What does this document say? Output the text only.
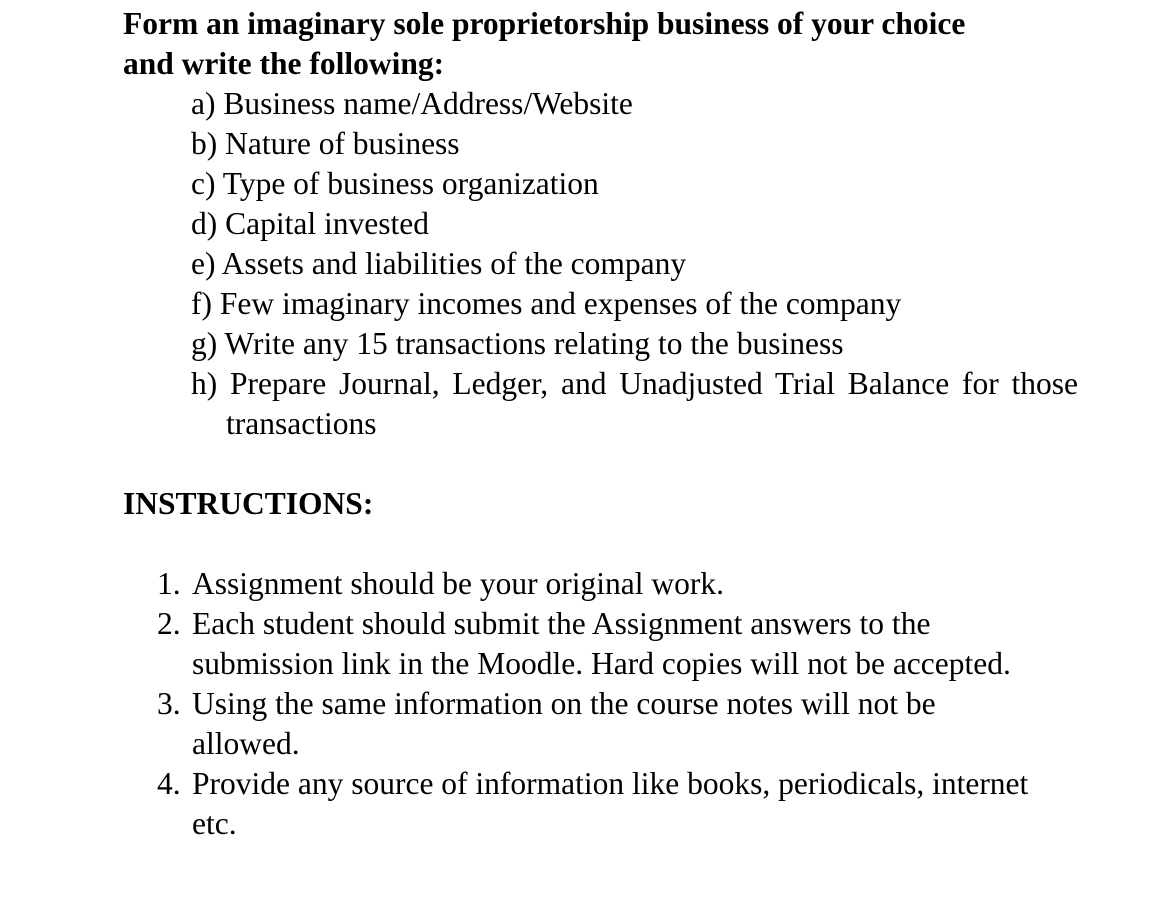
Form an imaginary sole proprietorship business of your choice
and write the following:

a) Business name/Address/Website
b) Nature of business
c) Type of business organization
d) Capital invested
e) Assets and liabilities of the company
f) Few imaginary incomes and expenses of the company
g) Write any 15 transactions relating to the business
h) Prepare Journal, Ledger, and Unadjusted Trial Balance for those transactions

INSTRUCTIONS:

1. Assignment should be your original work.
2. Each student should submit the Assignment answers to the submission link in the Moodle. Hard copies will not be accepted.
3. Using the same information on the course notes will not be allowed.
4. Provide any source of information like books, periodicals, internet etc.
